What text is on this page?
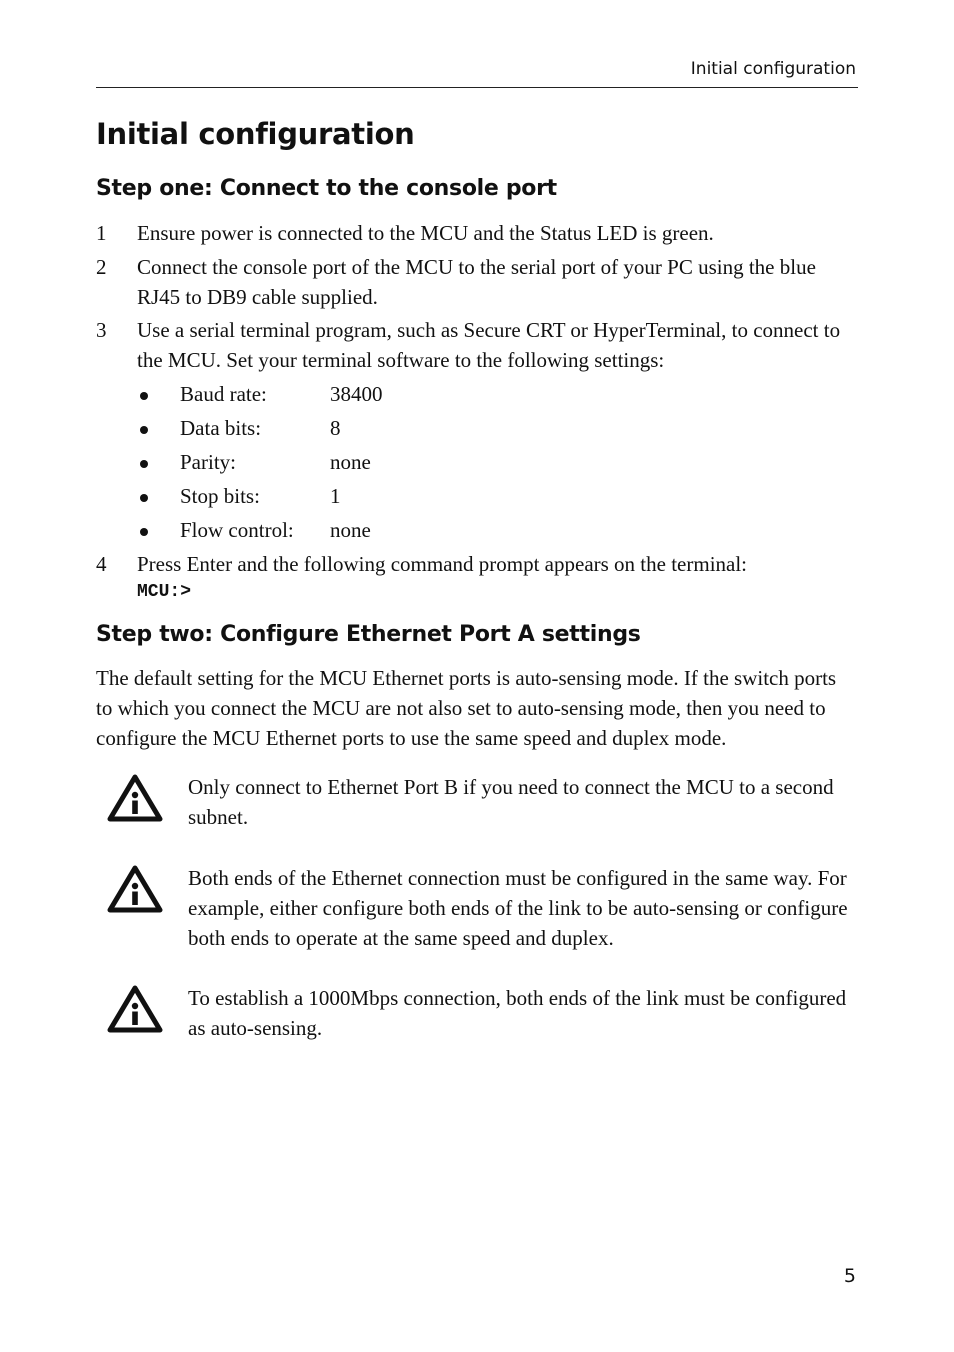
Initial configuration
Initial configuration
Step one: Connect to the console port
1 Ensure power is connected to the MCU and the Status LED is green.
2 Connect the console port of the MCU to the serial port of your PC using the blue RJ45 to DB9 cable supplied.
3 Use a serial terminal program, such as Secure CRT or HyperTerminal, to connect to the MCU. Set your terminal software to the following settings:
Baud rate:	38400
Data bits:	8
Parity:	none
Stop bits:	1
Flow control: none
4 Press Enter and the following command prompt appears on the terminal:
MCU:>
Step two: Configure Ethernet Port A settings
The default setting for the MCU Ethernet ports is auto-sensing mode. If the switch ports to which you connect the MCU are not also set to auto-sensing mode, then you need to configure the MCU Ethernet ports to use the same speed and duplex mode.
Only connect to Ethernet Port B if you need to connect the MCU to a second subnet.
Both ends of the Ethernet connection must be configured in the same way. For example, either configure both ends of the link to be auto-sensing or configure both ends to operate at the same speed and duplex.
To establish a 1000Mbps connection, both ends of the link must be configured as auto-sensing.
5
